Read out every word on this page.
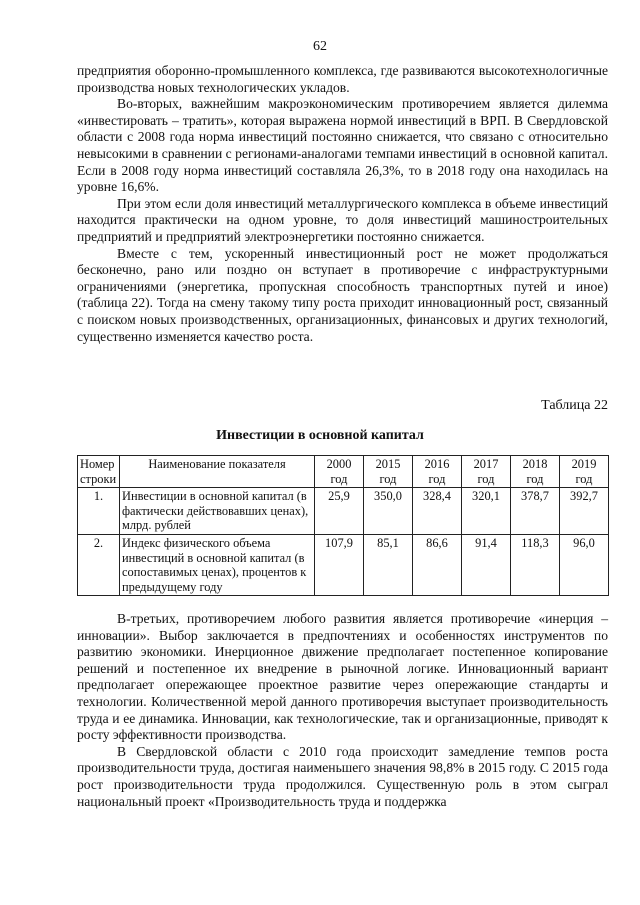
62

предприятия оборонно-промышленного комплекса, где развиваются высокотехнологичные производства новых технологических укладов.

Во-вторых, важнейшим макроэкономическим противоречием является дилемма «инвестировать – тратить», которая выражена нормой инвестиций в ВРП. В Свердловской области с 2008 года норма инвестиций постоянно снижается, что связано с относительно невысокими в сравнении с регионами-аналогами темпами инвестиций в основной капитал. Если в 2008 году норма инвестиций составляла 26,3%, то в 2018 году она находилась на уровне 16,6%.

При этом если доля инвестиций металлургического комплекса в объеме инвестиций находится практически на одном уровне, то доля инвестиций машиностроительных предприятий и предприятий электроэнергетики постоянно снижается.

Вместе с тем, ускоренный инвестиционный рост не может продолжаться бесконечно, рано или поздно он вступает в противоречие с инфраструктурными ограничениями (энергетика, пропускная способность транспортных путей и иное) (таблица 22). Тогда на смену такому типу роста приходит инновационный рост, связанный с поиском новых производственных, организационных, финансовых и других технологий, существенно изменяется качество роста.

Таблица 22
Инвестиции в основной капитал
Номер строки	Наименование показателя	2000 год	2015 год	2016 год	2017 год	2018 год	2019 год
1.	Инвестиции в основной капитал (в фактически действовавших ценах), млрд. рублей	25,9	350,0	328,4	320,1	378,7	392,7
2.	Индекс физического объема инвестиций в основной капитал (в сопоставимых ценах), процентов к предыдущему году	107,9	85,1	86,6	91,4	118,3	96,0

В-третьих, противоречием любого развития является противоречие «инерция – инновации». Выбор заключается в предпочтениях и особенностях инструментов по развитию экономики. Инерционное движение предполагает постепенное копирование решений и постепенное их внедрение в рыночной логике. Инновационный вариант предполагает опережающее проектное развитие через опережающие стандарты и технологии. Количественной мерой данного противоречия выступает производительность труда и ее динамика. Инновации, как технологические, так и организационные, приводят к росту эффективности производства.

В Свердловской области с 2010 года происходит замедление темпов роста производительности труда, достигая наименьшего значения 98,8% в 2015 году. С 2015 года рост производительности труда продолжился. Существенную роль в этом сыграл национальный проект «Производительность труда и поддержка
